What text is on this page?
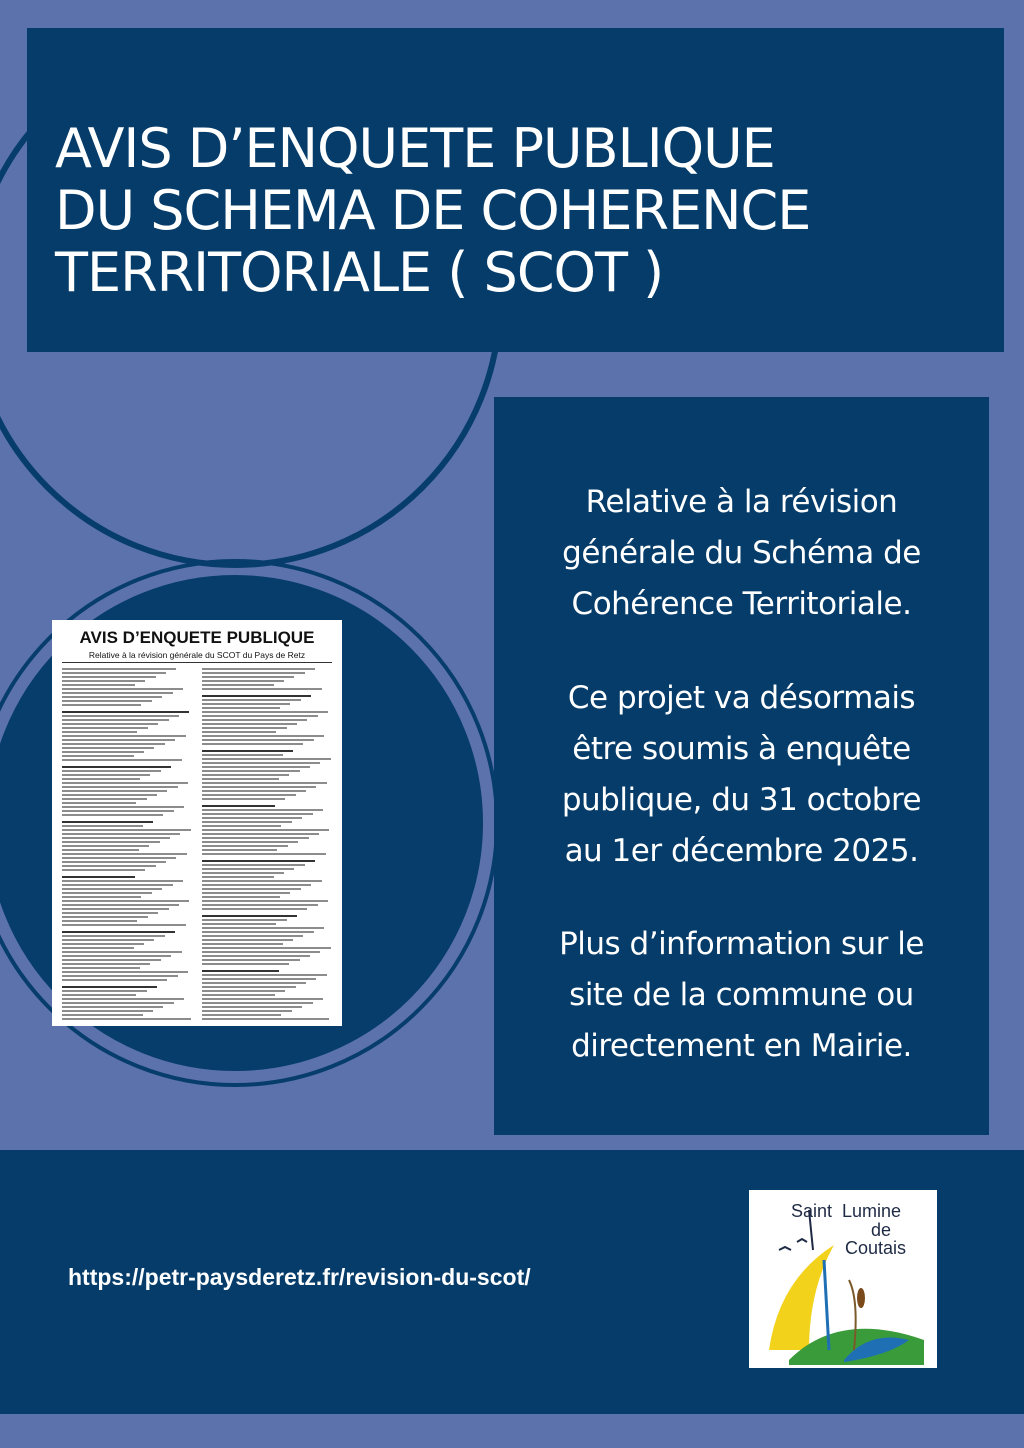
AVIS D’ENQUETE PUBLIQUE
DU SCHEMA DE COHERENCE
TERRITORIALE ( SCOT )

Relative à la révision
générale du Schéma de
Cohérence Territoriale.

Ce projet va désormais
être soumis à enquête
publique, du 31 octobre
au 1er décembre 2025.

Plus d’information sur le
site de la commune ou
directement en Mairie.

AVIS D’ENQUETE PUBLIQUE
Relative à la révision générale du SCOT du Pays de Retz
https://petr-paysderetz.fr/revision-du-scot/
Saint Lumine
de
Coutais
